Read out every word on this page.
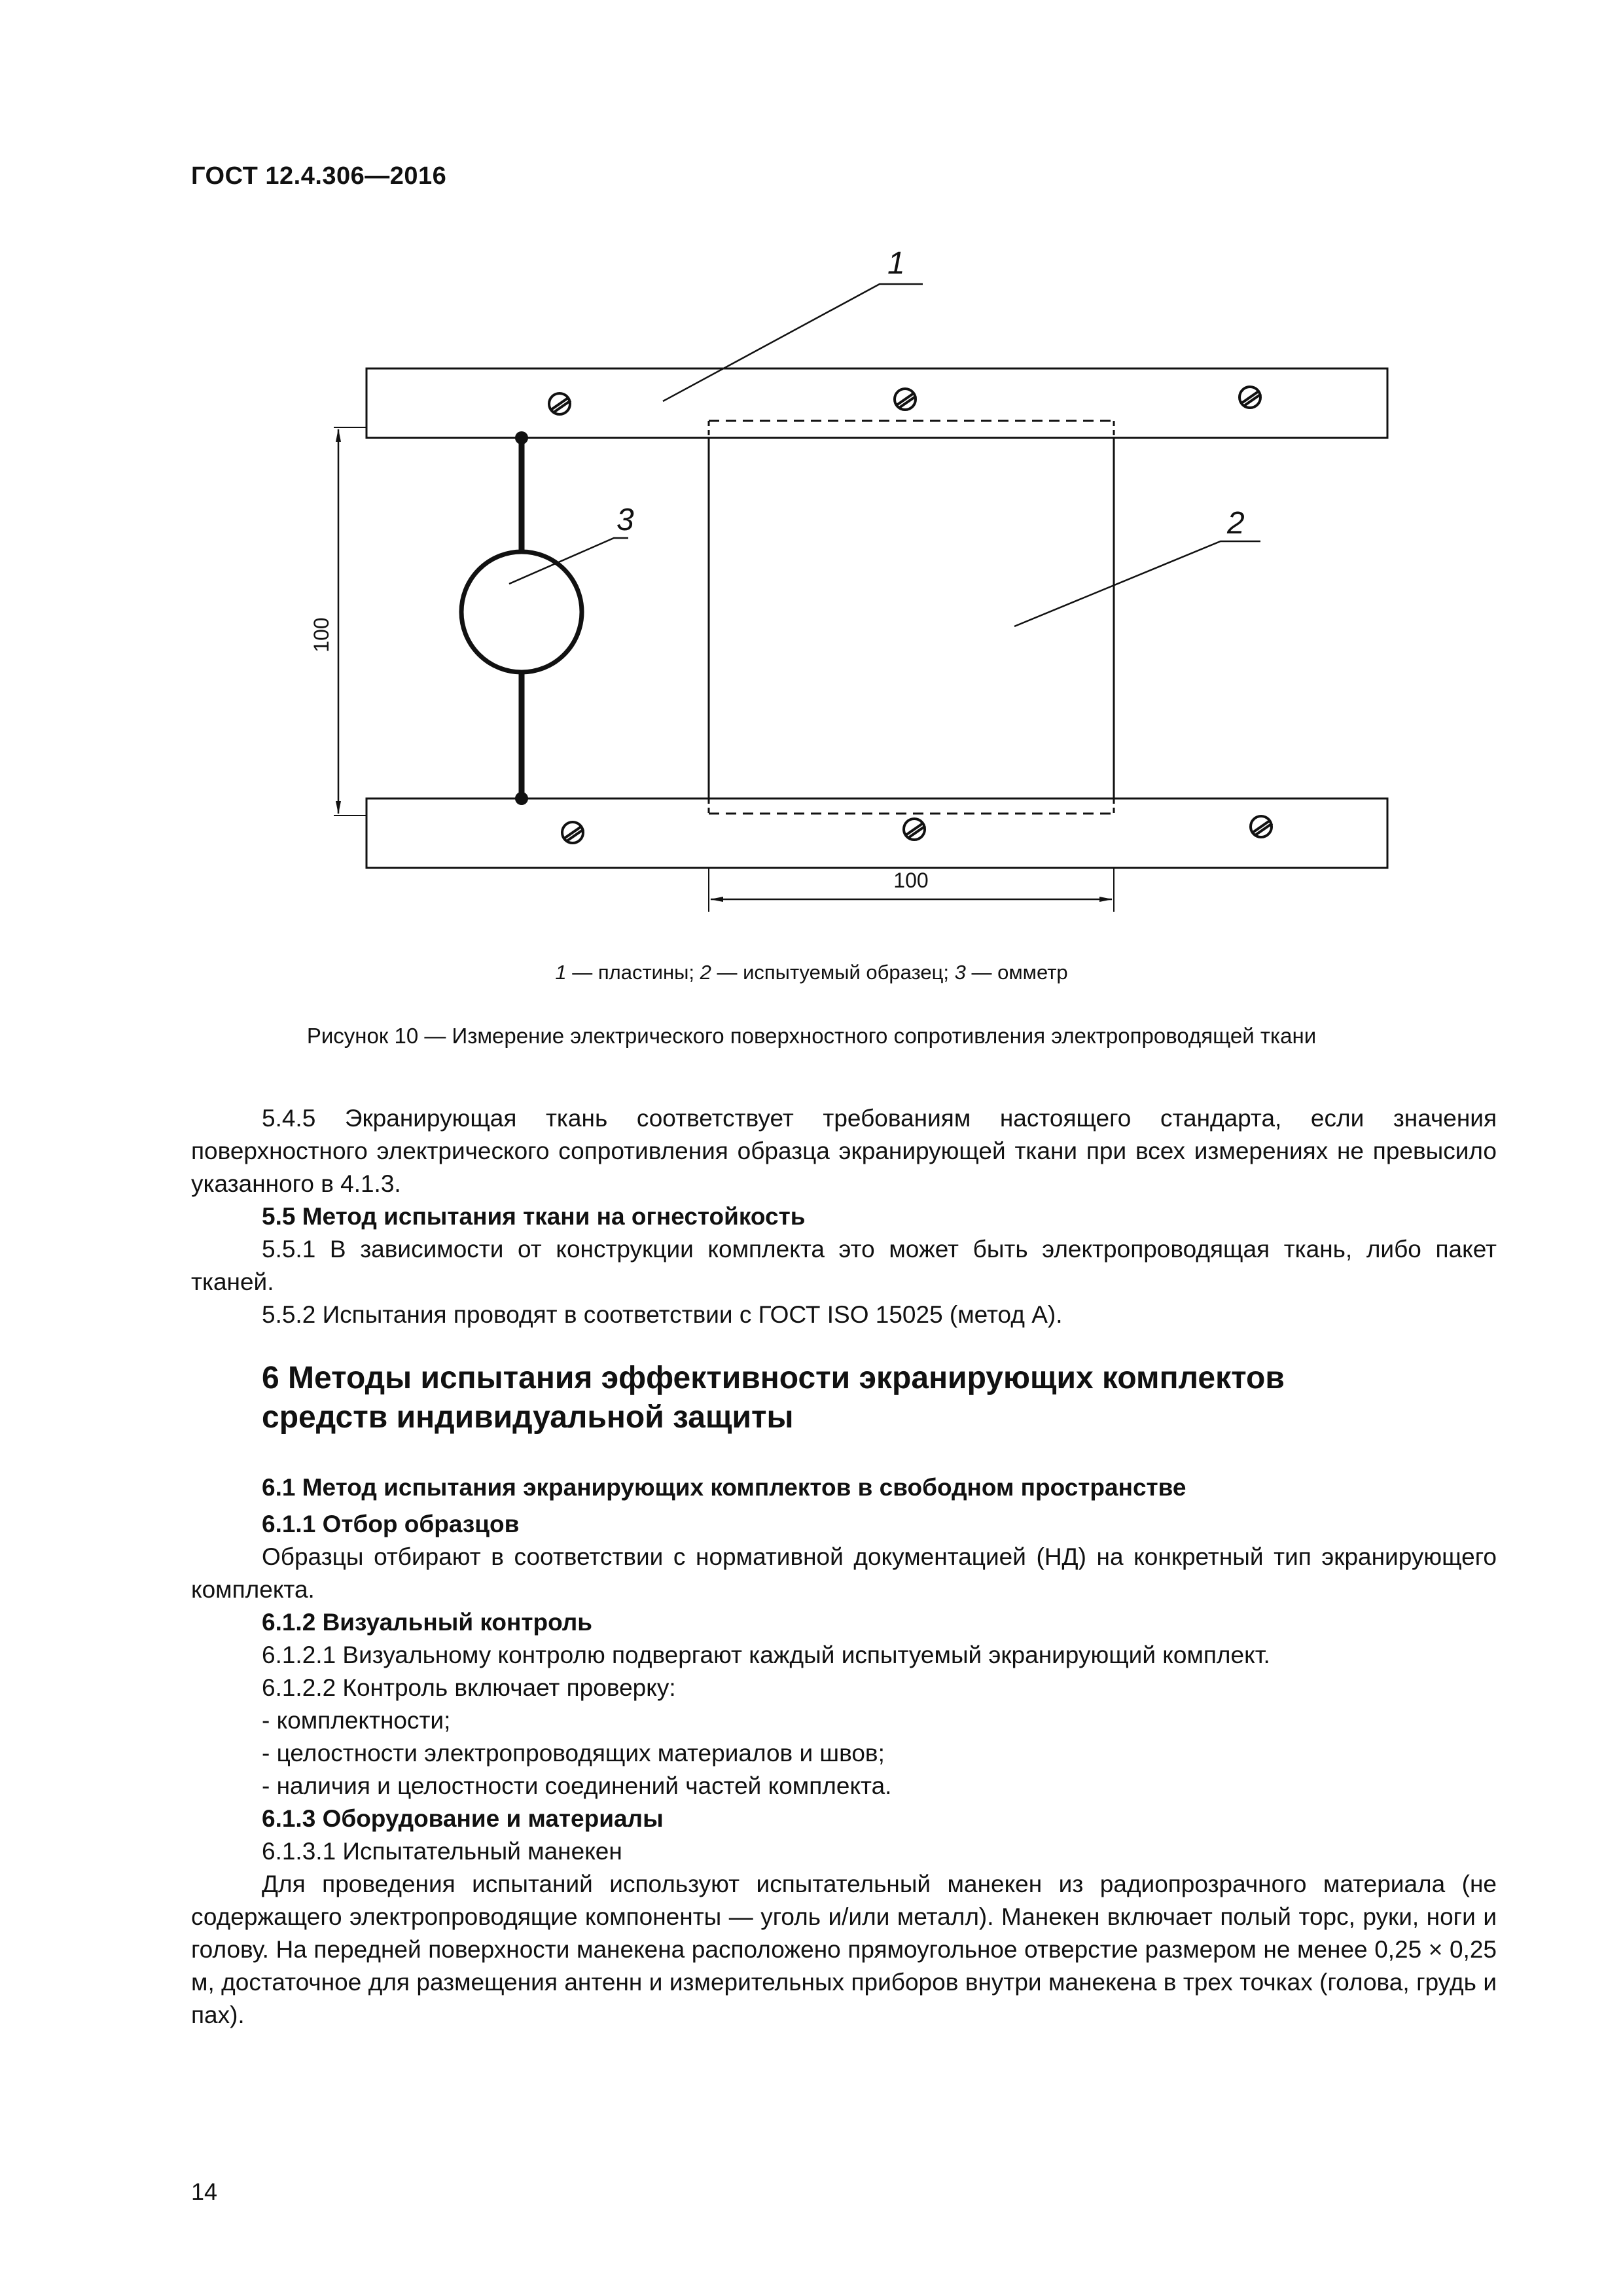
ГОСТ 12.4.306—2016
1
2
3
100
100
1 — пластины; 2 — испытуемый образец; 3 — омметр
Рисунок 10 — Измерение электрического поверхностного сопротивления электропроводящей ткани

5.4.5 Экранирующая ткань соответствует требованиям настоящего стандарта, если значения поверхностного электрического сопротивления образца экранирующей ткани при всех измерениях не превысило указанного в 4.1.3.

5.5 Метод испытания ткани на огнестойкость

5.5.1 В зависимости от конструкции комплекта это может быть электропроводящая ткань, либо пакет тканей.

5.5.2 Испытания проводят в соответствии с ГОСТ ISO 15025 (метод А).

6 Методы испытания эффективности экранирующих комплектов

средств индивидуальной защиты

6.1 Метод испытания экранирующих комплектов в свободном пространстве

6.1.1 Отбор образцов

Образцы отбирают в соответствии с нормативной документацией (НД) на конкретный тип экранирующего комплекта.

6.1.2 Визуальный контроль

6.1.2.1 Визуальному контролю подвергают каждый испытуемый экранирующий комплект.

6.1.2.2 Контроль включает проверку:

- комплектности;

- целостности электропроводящих материалов и швов;

- наличия и целостности соединений частей комплекта.

6.1.3 Оборудование и материалы

6.1.3.1 Испытательный манекен

Для проведения испытаний используют испытательный манекен из радиопрозрачного материала (не содержащего электропроводящие компоненты — уголь и/или металл). Манекен включает полый торс, руки, ноги и голову. На передней поверхности манекена расположено прямоугольное отверстие размером не менее 0,25 × 0,25 м, достаточное для размещения антенн и измерительных приборов внутри манекена в трех точках (голова, грудь и пах).

14
